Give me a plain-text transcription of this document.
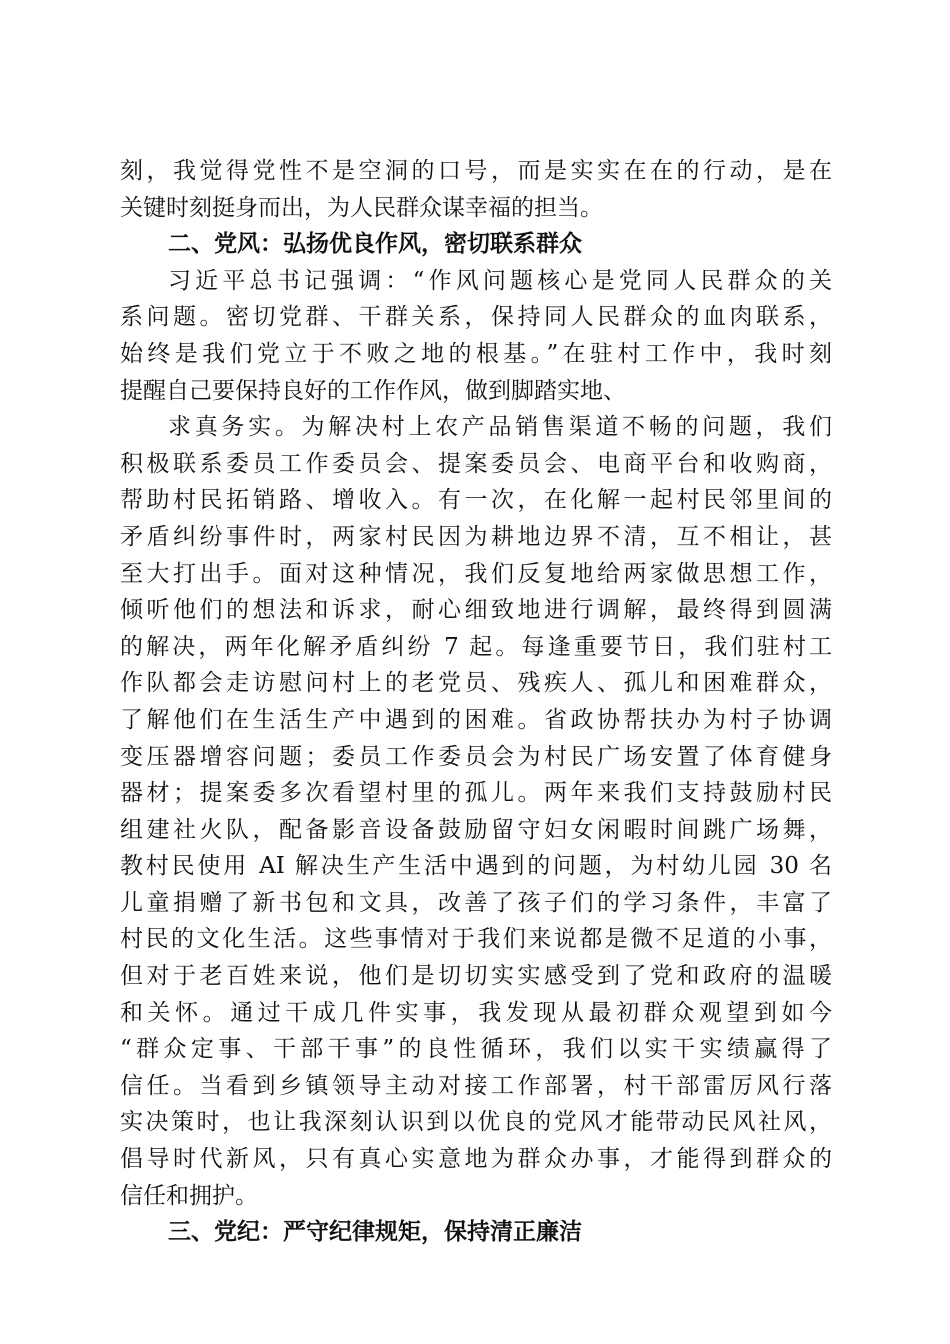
刻，我觉得党性不是空洞的口号，而是实实在在的行动，是在
关键时刻挺身而出，为人民群众谋幸福的担当。
二、党风：弘扬优良作风，密切联系群众
习近平总书记强调：“作风问题核心是党同人民群众的关
系问题。密切党群、干群关系，保持同人民群众的血肉联系，
始终是我们党立于不败之地的根基。”在驻村工作中，我时刻
提醒自己要保持良好的工作作风，做到脚踏实地、
求真务实。为解决村上农产品销售渠道不畅的问题，我们
积极联系委员工作委员会、提案委员会、电商平台和收购商，
帮助村民拓销路、增收入。有一次，在化解一起村民邻里间的
矛盾纠纷事件时，两家村民因为耕地边界不清，互不相让，甚
至大打出手。面对这种情况，我们反复地给两家做思想工作，
倾听他们的想法和诉求，耐心细致地进行调解，最终得到圆满
的解决，两年化解矛盾纠纷 7 起。每逢重要节日，我们驻村工
作队都会走访慰问村上的老党员、残疾人、孤儿和困难群众，
了解他们在生活生产中遇到的困难。省政协帮扶办为村子协调
变压器增容问题；委员工作委员会为村民广场安置了体育健身
器材；提案委多次看望村里的孤儿。两年来我们支持鼓励村民
组建社火队，配备影音设备鼓励留守妇女闲暇时间跳广场舞，
教村民使用 AI 解决生产生活中遇到的问题，为村幼儿园 30 名
儿童捐赠了新书包和文具，改善了孩子们的学习条件，丰富了
村民的文化生活。这些事情对于我们来说都是微不足道的小事，
但对于老百姓来说，他们是切切实实感受到了党和政府的温暖
和关怀。通过干成几件实事，我发现从最初群众观望到如今
“群众定事、干部干事”的良性循环，我们以实干实绩赢得了
信任。当看到乡镇领导主动对接工作部署，村干部雷厉风行落
实决策时，也让我深刻认识到以优良的党风才能带动民风社风，
倡导时代新风，只有真心实意地为群众办事，才能得到群众的
信任和拥护。
三、党纪：严守纪律规矩，保持清正廉洁
